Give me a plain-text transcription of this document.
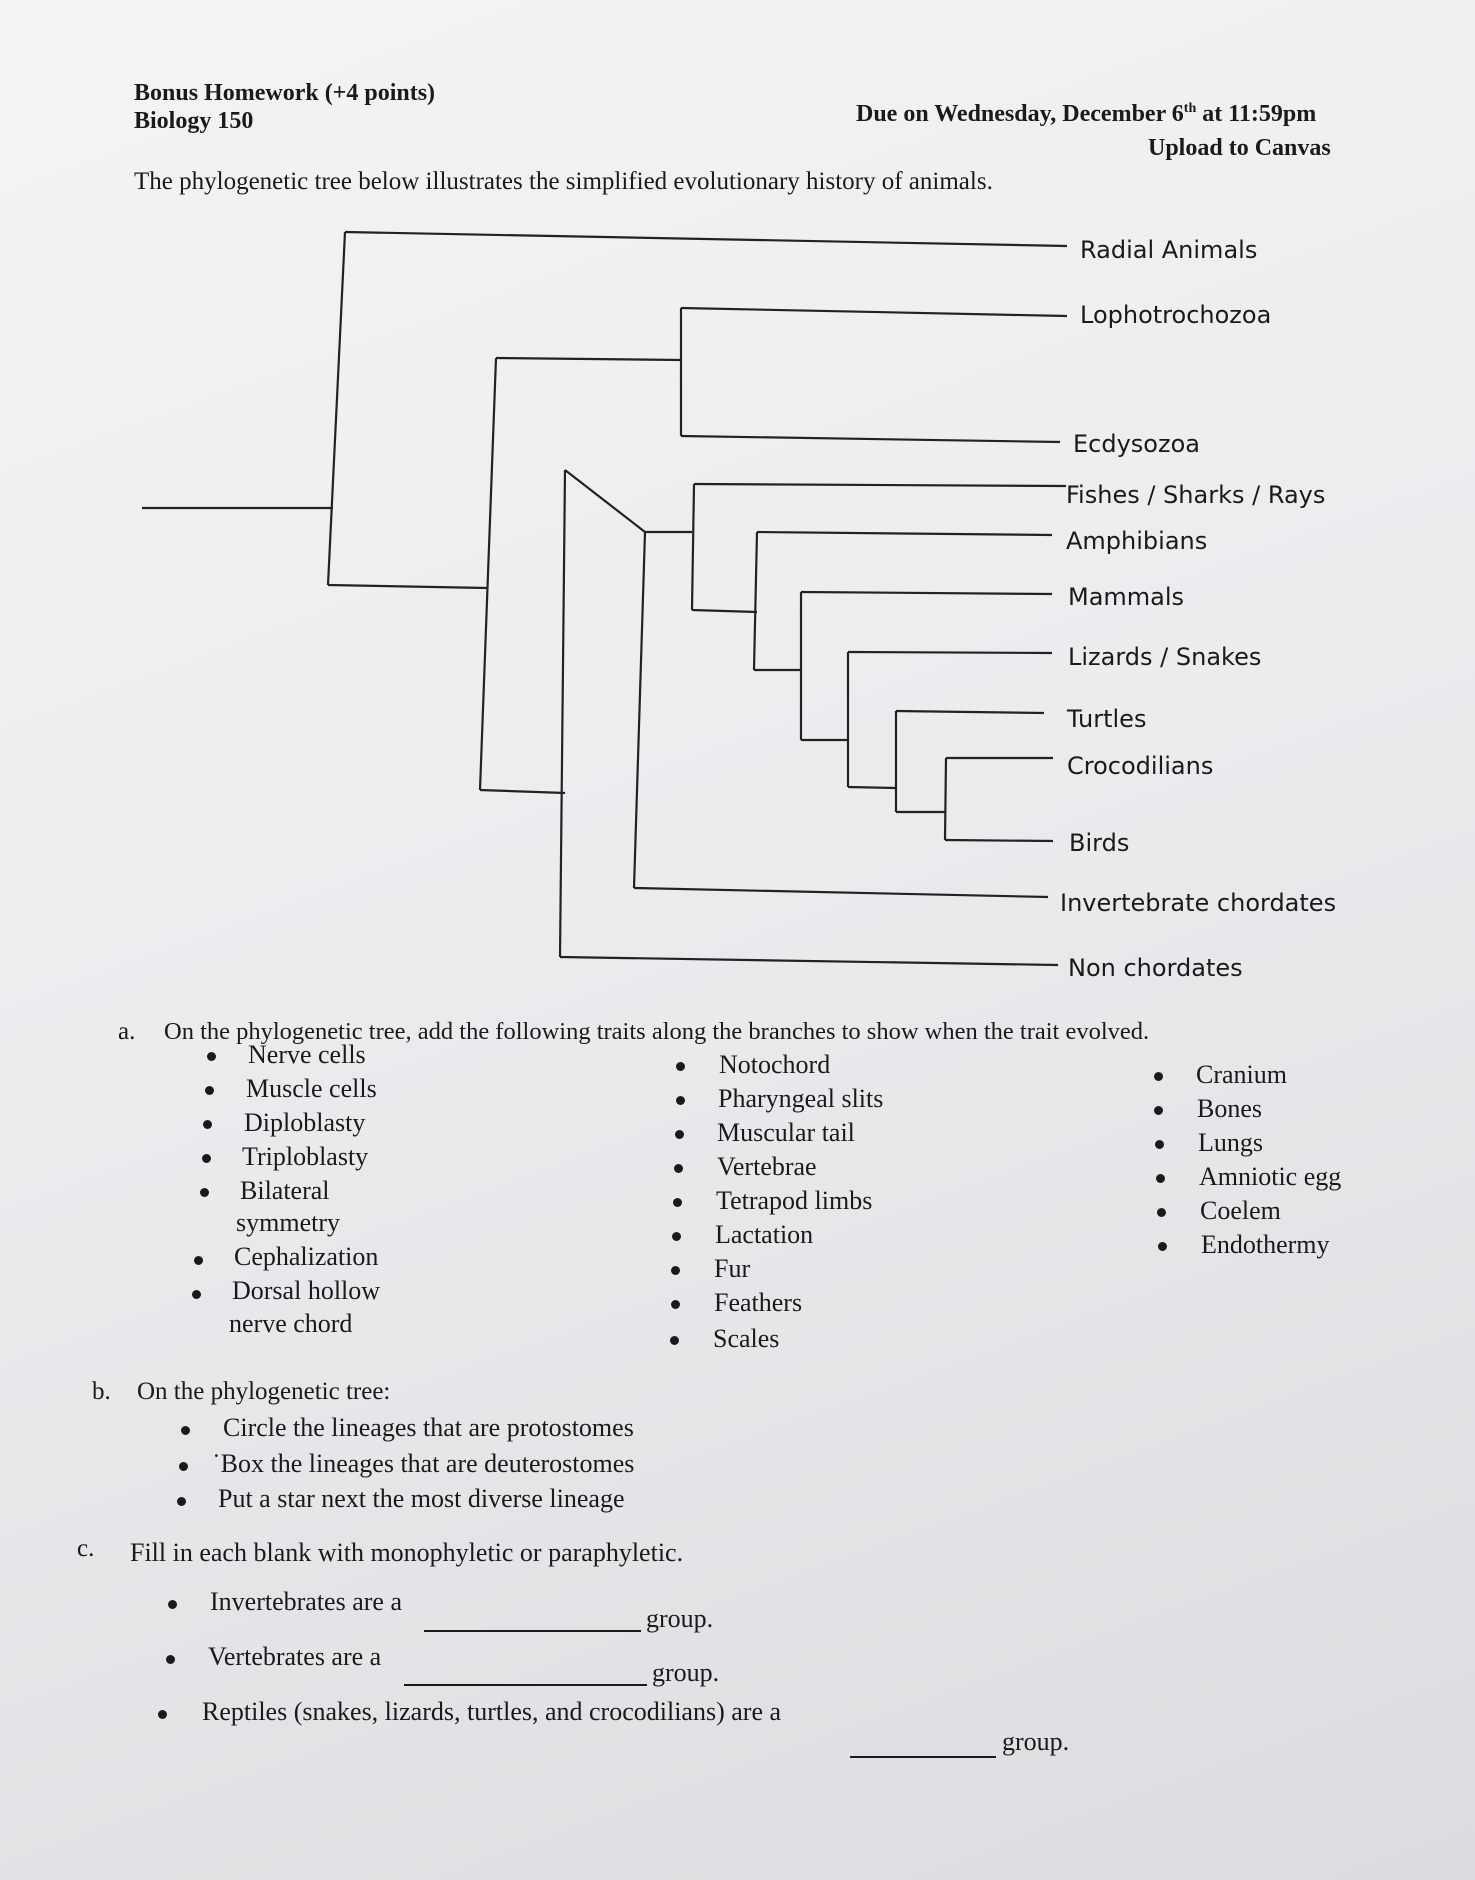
Bonus Homework (+4 points)
Biology 150	Due on Wednesday, December 6th at 11:59pm
Upload to Canvas
The phylogenetic tree below illustrates the simplified evolutionary history of animals.
Radial Animals
Lophotrochozoa
Ecdysozoa
Fishes / Sharks / Rays
Amphibians
Mammals
Lizards / Snakes
Turtles
Crocodilians
Birds
Invertebrate chordates
Non chordates
a. On the phylogenetic tree, add the following traits along the branches to show when the trait evolved.
Nerve cells
Muscle cells
Diploblasty
Triploblasty
Bilateral
symmetry
Cephalization
Dorsal hollow
nerve chord
Notochord
Pharyngeal slits
Muscular tail
Vertebrae
Tetrapod limbs
Lactation
Fur
Feathers
Scales
Cranium
Bones
Lungs
Amniotic egg
Coelem
Endothermy
b. On the phylogenetic tree:
Circle the lineages that are protostomes
˙Box the lineages that are deuterostomes
Put a star next the most diverse lineage
c. Fill in each blank with monophyletic or paraphyletic.
Invertebrates are a
group.
Vertebrates are a
group.
Reptiles (snakes, lizards, turtles, and crocodilians) are a
group.
